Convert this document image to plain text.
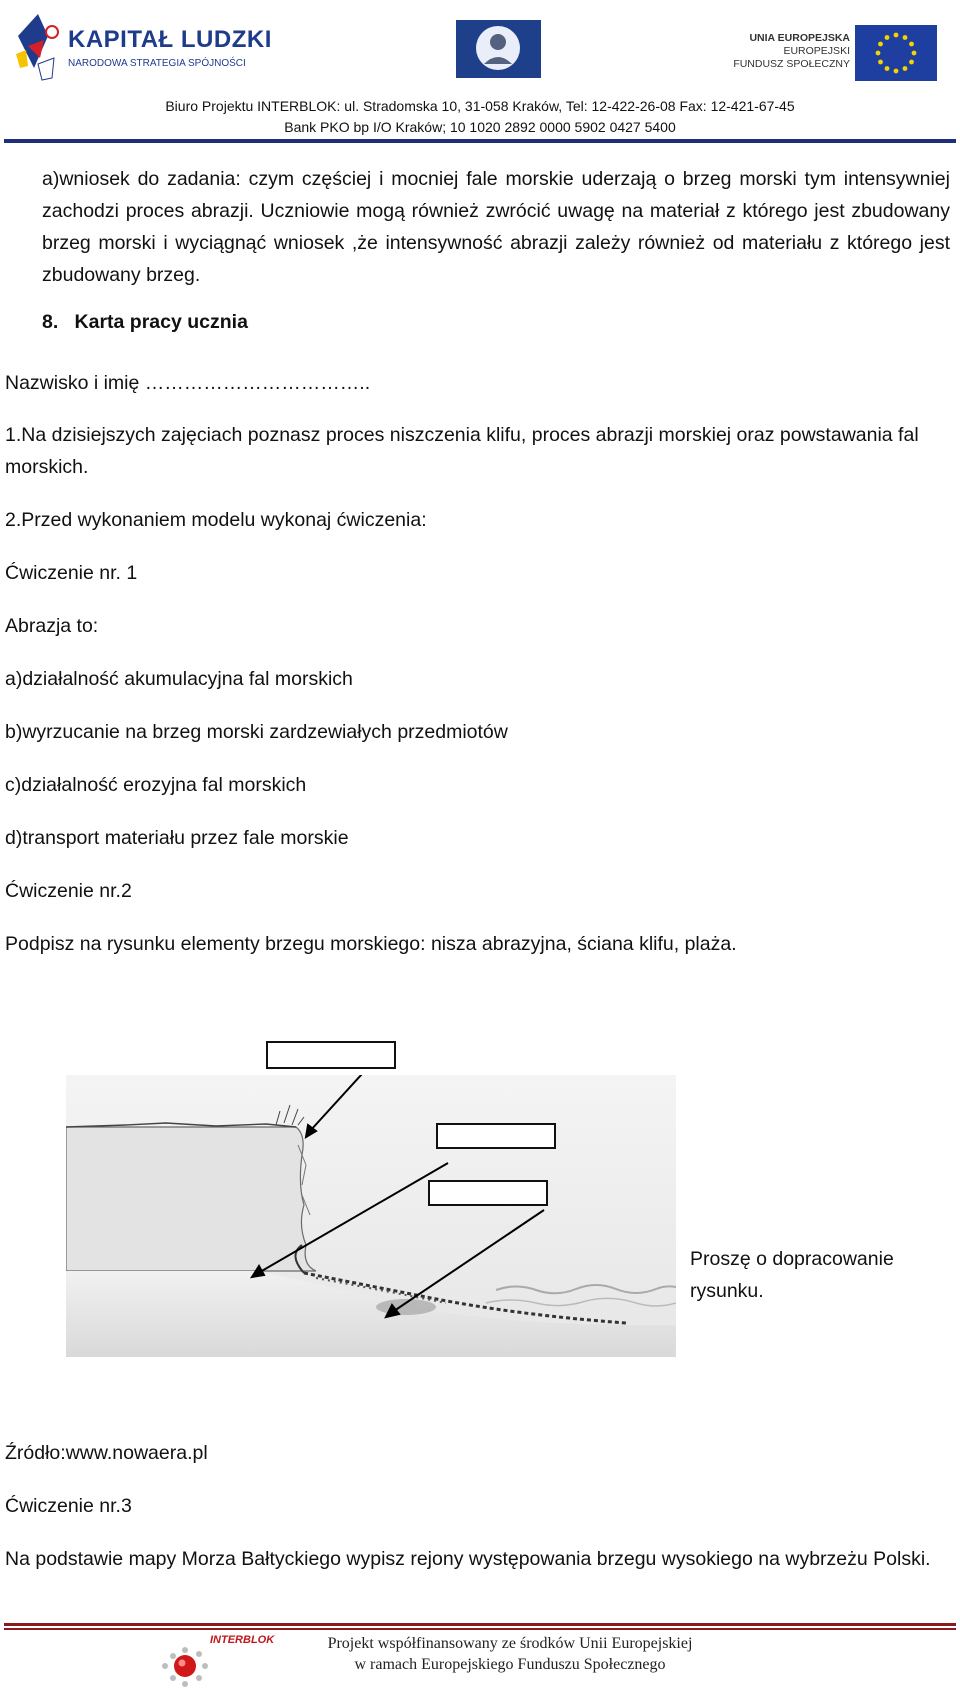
KAPITAŁ LUDZKI
NARODOWA STRATEGIA SPÓJNOŚCI
UNIA EUROPEJSKA
EUROPEJSKI
FUNDUSZ SPOŁECZNY
Biuro Projektu INTERBLOK: ul. Stradomska 10, 31-058 Kraków, Tel: 12-422-26-08 Fax: 12-421-67-45
Bank PKO bp I/O Kraków; 10 1020 2892 0000 5902 0427 5400
a)wniosek do zadania: czym częściej i mocniej fale morskie uderzają o brzeg morski tym intensywniej zachodzi proces abrazji. Uczniowie mogą również zwrócić uwagę na materiał z którego jest zbudowany brzeg morski i wyciągnąć wniosek ,że intensywność abrazji zależy również od materiału z którego jest zbudowany brzeg.
8.   Karta pracy ucznia
Nazwisko i imię ……………………………..
1.Na dzisiejszych zajęciach poznasz proces niszczenia klifu, proces abrazji morskiej oraz powstawania fal morskich.
2.Przed wykonaniem modelu wykonaj ćwiczenia:
Ćwiczenie nr. 1
Abrazja to:
a)działalność akumulacyjna fal morskich
b)wyrzucanie na brzeg morski zardzewiałych przedmiotów
c)działalność erozyjna fal morskich
d)transport materiału przez fale morskie
Ćwiczenie nr.2
Podpisz na rysunku elementy brzegu morskiego: nisza abrazyjna, ściana klifu, plaża.
Proszę o dopracowanie rysunku.
Źródło:www.nowaera.pl
Ćwiczenie nr.3
Na podstawie mapy Morza Bałtyckiego wypisz rejony występowania brzegu wysokiego na wybrzeżu Polski.
INTERBLOK	Projekt współfinansowany ze środków Unii Europejskiej
w ramach Europejskiego Funduszu Społecznego
